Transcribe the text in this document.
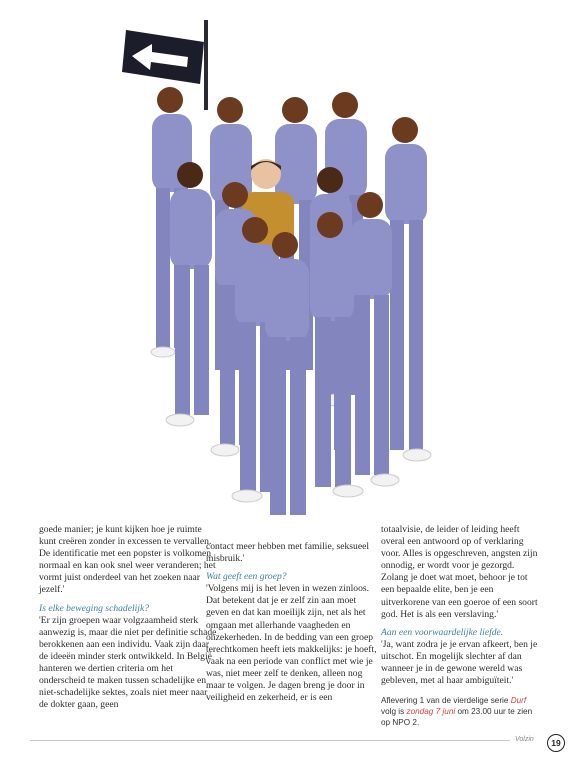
goede manier; je kunt kijken hoe je ruimte kunt creëren zonder in excessen te vervallen. De identificatie met een popster is volkomen normaal en kan ook snel weer veranderen; het vormt juist onderdeel van het zoeken naar jezelf.'

Is elke beweging schadelijk?

'Er zijn groepen waar volgzaamheid sterk aanwezig is, maar die niet per definitie schade berokkenen aan een individu. Vaak zijn daar de ideeën minder sterk ontwikkeld. In België hanteren we dertien criteria om het onderscheid te maken tussen schadelijke en niet-schadelijke sektes, zoals niet meer naar de dokter gaan, geen

contact meer hebben met familie, seksueel misbruik.'

Wat geeft een groep?

'Volgens mij is het leven in wezen zinloos. Dat betekent dat je er zelf zin aan moet geven en dat kan moeilijk zijn, net als het omgaan met allerhande vaagheden en onzekerheden. In de bedding van een groep terechtkomen heeft iets makkelijks: je hoeft, vaak na een periode van conflict met wie je was, niet meer zelf te denken, alleen nog maar te volgen. Je dagen breng je door in veiligheid en zekerheid, er is een

totaalvisie, de leider of leiding heeft overal een antwoord op of verklaring voor. Alles is opgeschreven, angsten zijn onnodig, er wordt voor je gezorgd. Zolang je doet wat moet, behoor je tot een bepaalde elite, ben je een uitverkorene van een goeroe of een soort god. Het is als een verslaving.'

Aan een voorwaardelijke liefde.

'Ja, want zodra je je ervan afkeert, ben je uitschot. En mogelijk slechter af dan wanneer je in de gewone wereld was gebleven, met al haar ambiguïteit.'

Aflevering 1 van de vierdelige serie Durf volg is zondag 7 juni om 23.00 uur te zien op NPO 2.

Volzin	19
